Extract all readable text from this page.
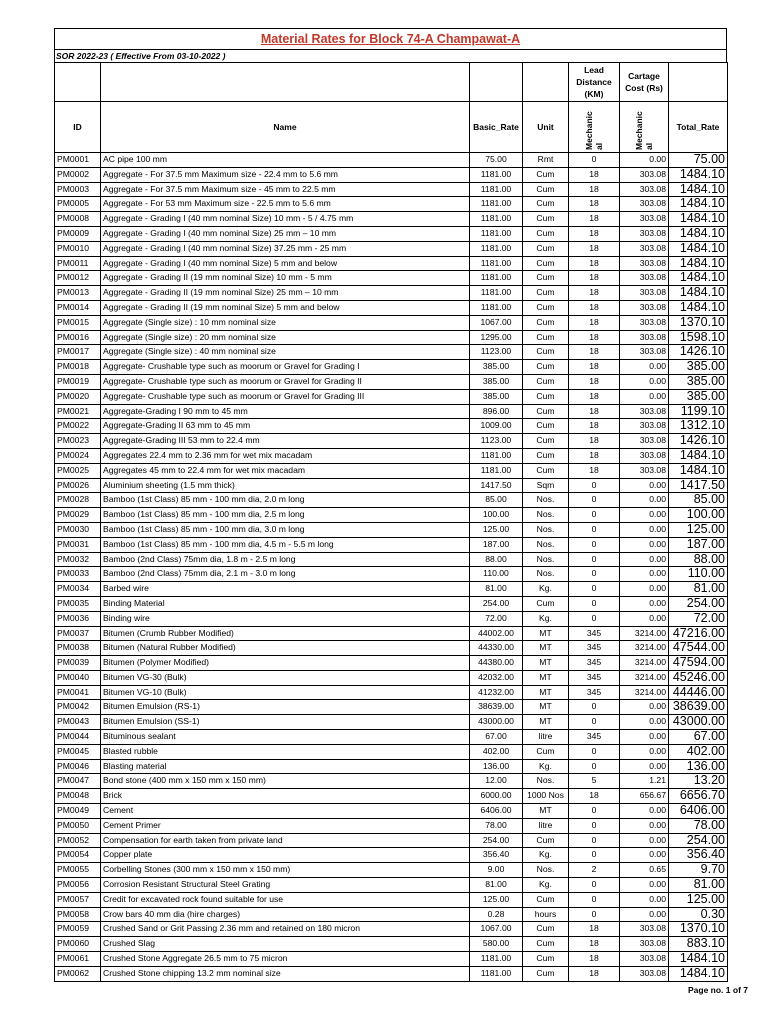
Material Rates for Block 74-A Champawat-A
SOR 2022-23 ( Effective From 03-10-2022 )
				Lead Distance (KM)	Cartage Cost (Rs)	
ID	Name	Basic_Rate	Unit	Mechanic al	Mechanic al	Total_Rate
PM0001	AC pipe 100 mm	75.00	Rmt	0	0.00	75.00
PM0002	Aggregate - For 37.5 mm Maximum size - 22.4 mm to 5.6 mm	1181.00	Cum	18	303.08	1484.10
PM0003	Aggregate - For 37.5 mm Maximum size - 45 mm to 22.5 mm	1181.00	Cum	18	303.08	1484.10
PM0005	Aggregate - For 53 mm Maximum size - 22.5 mm to 5.6 mm	1181.00	Cum	18	303.08	1484.10
PM0008	Aggregate - Grading I (40 mm nominal Size) 10 mm - 5 / 4.75 mm	1181.00	Cum	18	303.08	1484.10
PM0009	Aggregate - Grading I (40 mm nominal Size) 25 mm – 10 mm	1181.00	Cum	18	303.08	1484.10
PM0010	Aggregate - Grading I (40 mm nominal Size) 37.25 mm - 25 mm	1181.00	Cum	18	303.08	1484.10
PM0011	Aggregate - Grading I (40 mm nominal Size) 5 mm and below	1181.00	Cum	18	303.08	1484.10
PM0012	Aggregate - Grading II (19 mm nominal Size) 10 mm - 5 mm	1181.00	Cum	18	303.08	1484.10
PM0013	Aggregate - Grading II (19 mm nominal Size) 25 mm – 10 mm	1181.00	Cum	18	303.08	1484.10
PM0014	Aggregate - Grading II (19 mm nominal Size) 5 mm and below	1181.00	Cum	18	303.08	1484.10
PM0015	Aggregate (Single size) : 10 mm nominal size	1067.00	Cum	18	303.08	1370.10
PM0016	Aggregate (Single size) : 20 mm nominal size	1295.00	Cum	18	303.08	1598.10
PM0017	Aggregate (Single size) : 40 mm nominal size	1123.00	Cum	18	303.08	1426.10
PM0018	Aggregate- Crushable type such as moorum or Gravel for Grading I	385.00	Cum	18	0.00	385.00
PM0019	Aggregate- Crushable type such as moorum or Gravel for Grading II	385.00	Cum	18	0.00	385.00
PM0020	Aggregate- Crushable type such as moorum or Gravel for Grading III	385.00	Cum	18	0.00	385.00
PM0021	Aggregate-Grading I 90 mm to 45 mm	896.00	Cum	18	303.08	1199.10
PM0022	Aggregate-Grading II 63 mm to 45 mm	1009.00	Cum	18	303.08	1312.10
PM0023	Aggregate-Grading III 53 mm to 22.4 mm	1123.00	Cum	18	303.08	1426.10
PM0024	Aggregates 22.4 mm to 2.36 mm for wet mix macadam	1181.00	Cum	18	303.08	1484.10
PM0025	Aggregates 45 mm to 22.4 mm for wet mix macadam	1181.00	Cum	18	303.08	1484.10
PM0026	Aluminium sheeting (1.5 mm thick)	1417.50	Sqm	0	0.00	1417.50
PM0028	Bamboo (1st Class) 85 mm - 100 mm dia, 2.0 m long	85.00	Nos.	0	0.00	85.00
PM0029	Bamboo (1st Class) 85 mm - 100 mm dia, 2.5 m long	100.00	Nos.	0	0.00	100.00
PM0030	Bamboo (1st Class) 85 mm - 100 mm dia, 3.0 m long	125.00	Nos.	0	0.00	125.00
PM0031	Bamboo (1st Class) 85 mm - 100 mm dia, 4.5 m - 5.5 m long	187.00	Nos.	0	0.00	187.00
PM0032	Bamboo (2nd Class) 75mm dia, 1.8 m - 2.5 m long	88.00	Nos.	0	0.00	88.00
PM0033	Bamboo (2nd Class) 75mm dia, 2.1 m - 3.0 m long	110.00	Nos.	0	0.00	110.00
PM0034	Barbed wire	81.00	Kg.	0	0.00	81.00
PM0035	Binding Material	254.00	Cum	0	0.00	254.00
PM0036	Binding wire	72.00	Kg.	0	0.00	72.00
PM0037	Bitumen (Crumb Rubber Modified)	44002.00	MT	345	3214.00	47216.00
PM0038	Bitumen (Natural Rubber Modified)	44330.00	MT	345	3214.00	47544.00
PM0039	Bitumen (Polymer Modified)	44380.00	MT	345	3214.00	47594.00
PM0040	Bitumen VG-30 (Bulk)	42032.00	MT	345	3214.00	45246.00
PM0041	Bitumen VG-10 (Bulk)	41232.00	MT	345	3214.00	44446.00
PM0042	Bitumen Emulsion (RS-1)	38639.00	MT	0	0.00	38639.00
PM0043	Bitumen Emulsion (SS-1)	43000.00	MT	0	0.00	43000.00
PM0044	Bituminous sealant	67.00	litre	345	0.00	67.00
PM0045	Blasted rubble	402.00	Cum	0	0.00	402.00
PM0046	Blasting material	136.00	Kg.	0	0.00	136.00
PM0047	Bond stone (400 mm x 150 mm x 150 mm)	12.00	Nos.	5	1.21	13.20
PM0048	Brick	6000.00	1000 Nos	18	656.67	6656.70
PM0049	Cement	6406.00	MT	0	0.00	6406.00
PM0050	Cement Primer	78.00	litre	0	0.00	78.00
PM0052	Compensation for earth taken from private land	254.00	Cum	0	0.00	254.00
PM0054	Copper plate	356.40	Kg.	0	0.00	356.40
PM0055	Corbelling Stones (300 mm x 150 mm x 150 mm)	9.00	Nos.	2	0.65	9.70
PM0056	Corrosion Resistant Structural Steel Grating	81.00	Kg.	0	0.00	81.00
PM0057	Credit for excavated rock found suitable for use	125.00	Cum	0	0.00	125.00
PM0058	Crow bars 40 mm dia (hire charges)	0.28	hours	0	0.00	0.30
PM0059	Crushed Sand or Grit Passing 2.36 mm and retained on 180 micron	1067.00	Cum	18	303.08	1370.10
PM0060	Crushed Slag	580.00	Cum	18	303.08	883.10
PM0061	Crushed Stone Aggregate 26.5 mm to 75 micron	1181.00	Cum	18	303.08	1484.10
PM0062	Crushed Stone chipping 13.2 mm nominal size	1181.00	Cum	18	303.08	1484.10
Page no. 1 of 7
